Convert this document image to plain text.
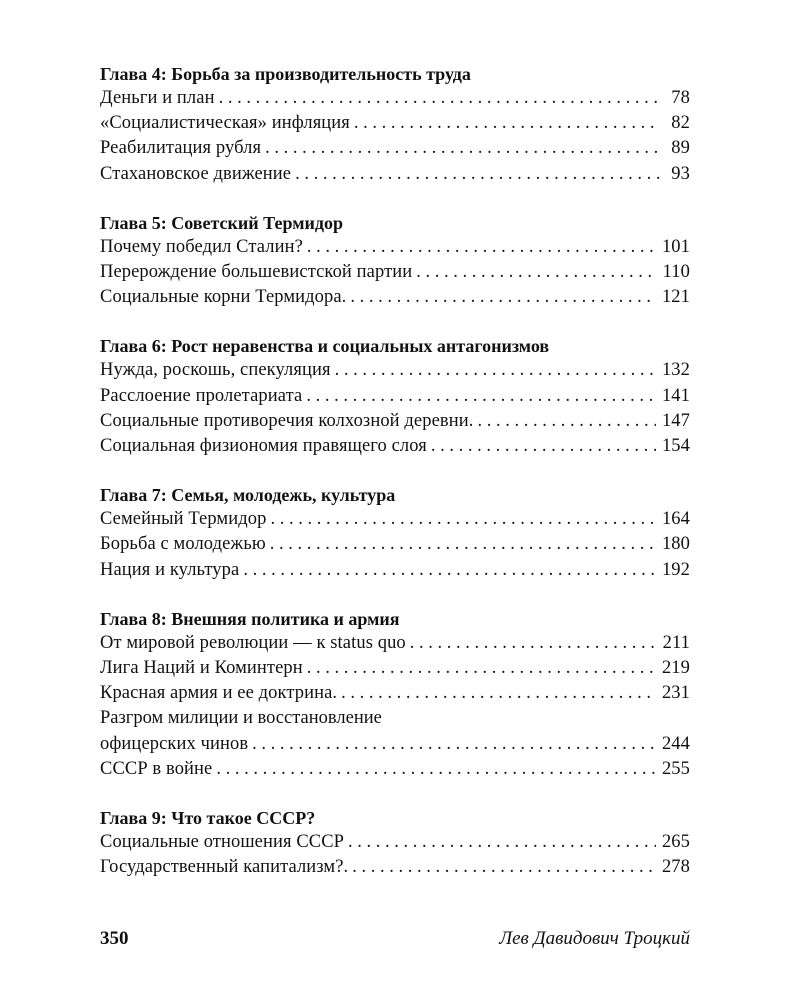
Глава 4: Борьба за производительность труда
Деньги и план . . .	78
«Социалистическая» инфляция . . .	82
Реабилитация рубля . . .	89
Стахановское движение . . .	93
Глава 5: Советский Термидор
Почему победил Сталин? . . .	101
Перерождение большевистской партии . . .	110
Социальные корни Термидора. . . .	121
Глава 6: Рост неравенства и социальных антагонизмов
Нужда, роскошь, спекуляция . . .	132
Расслоение пролетариата . . .	141
Социальные противоречия колхозной деревни. . . .	147
Социальная физиономия правящего слоя . . .	154
Глава 7: Семья, молодежь, культура
Семейный Термидор . . .	164
Борьба с молодежью . . .	180
Нация и культура . . .	192
Глава 8: Внешняя политика и армия
От мировой революции — к status quo . . .	211
Лига Наций и Коминтерн . . .	219
Красная армия и ее доктрина. . . .	231
Разгром милиции и восстановление
офицерских чинов . . .	244
СССР в войне . . .	255
Глава 9: Что такое СССР?
Социальные отношения СССР . . .	265
Государственный капитализм?. . . .	278
350	Лев Давидович Троцкий
